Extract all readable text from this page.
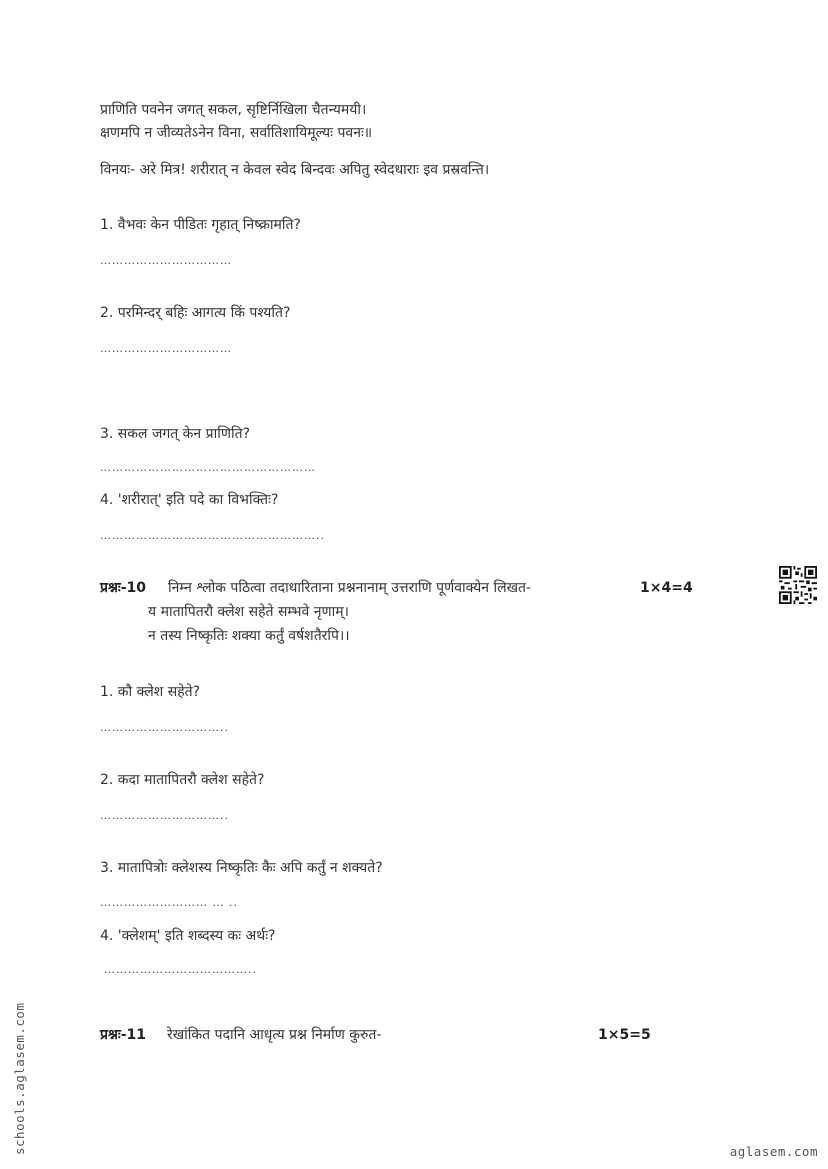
प्राणिति पवनेन जगत् सकल, सृष्टिर्निखिला चैतन्यमयी।
क्षणमपि न जीव्यतेऽनेन विना, सर्वातिशायिमूल्यः पवनः॥
विनयः- अरे मित्र! शरीरात् न केवल स्वेद बिन्दवः अपितु स्वेदधाराः इव प्रस्रवन्ति।
1. वैभवः केन पीडितः गृहात् निष्क्रामति?
……………………………
2. परमिन्दर् बहिः आगत्य किं पश्यति?
……………………………
3. सकल जगत् केन प्राणिति?
………………………………………………
4. 'शरीरात्' इति पदे का विभक्तिः?
………………………………………………..
प्रश्नः-10 निम्न श्लोक पठित्वा तदाधारिताना प्रश्ननानाम् उत्तराणि पूर्णवाक्येन लिखत-	1×4=4
य मातापितरौ क्लेश सहेते सम्भवे नृणाम्।
न तस्य निष्कृतिः शक्या कर्तुं वर्षशतैरपि।।
1. कौ क्लेश सहेते?
…………………………..
2. कदा मातापितरौ क्लेश सहेते?
…………………………..
3. मातापित्रोः क्लेशस्य निष्कृतिः कैः अपि कर्तुं न शक्यते?
……………………… … ..
4. 'क्लेशम्' इति शब्दस्य कः अर्थः?
………………………………..
प्रश्नः-11 रेखांकित पदानि आधृत्य प्रश्न निर्माण कुरुत-	1×5=5
schools.aglasem.com	aglasem.com
